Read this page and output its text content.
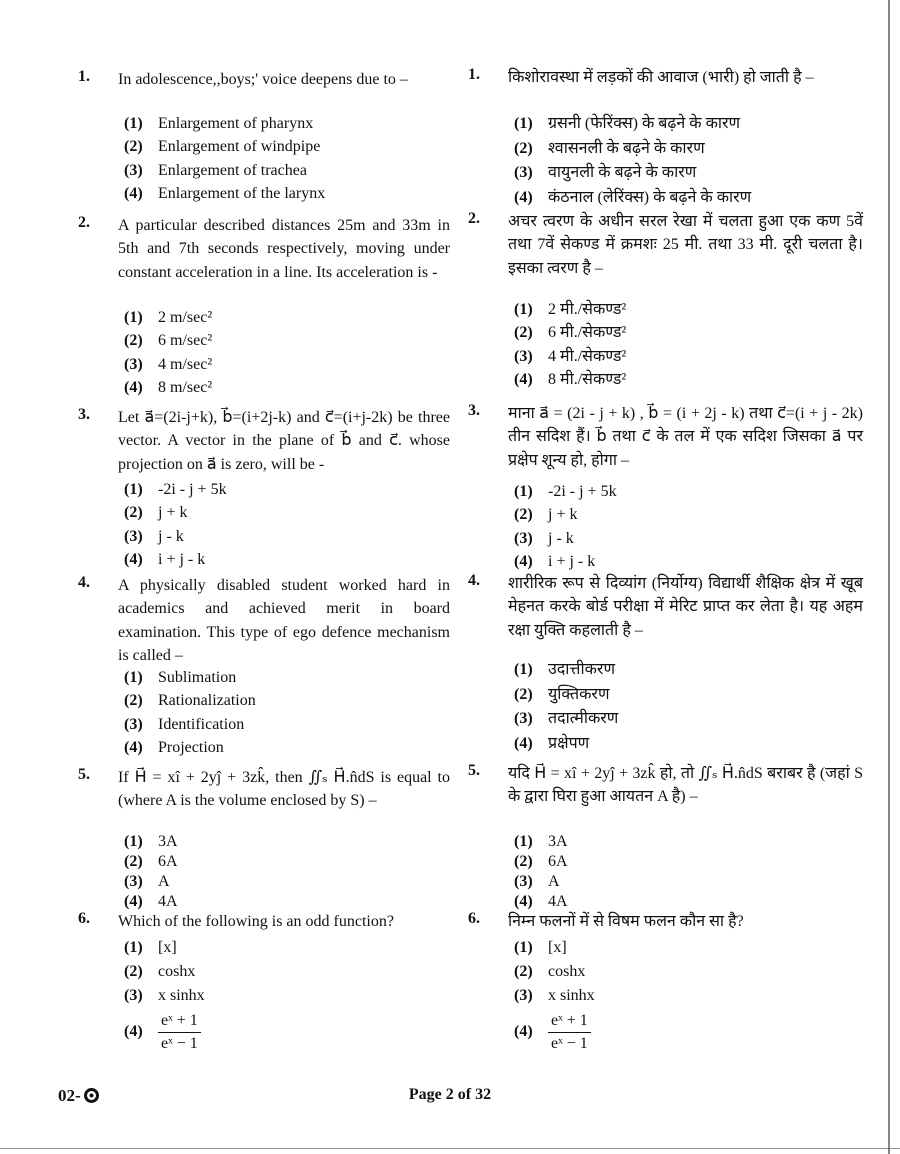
1. In adolescence,,boys;' voice deepens due to –
(1) Enlargement of pharynx
(2) Enlargement of windpipe
(3) Enlargement of trachea
(4) Enlargement of the larynx
2. A particular described distances 25m and 33m in 5th and 7th seconds respectively, moving under constant acceleration in a line. Its acceleration is -
(1) 2 m/sec²
(2) 6 m/sec²
(3) 4 m/sec²
(4) 8 m/sec²
3. Let a⃗=(2i-j+k), b⃗=(i+2j-k) and c⃗=(i+j-2k) be three vector. A vector in the plane of b⃗ and c⃗. whose projection on a⃗ is zero, will be -
(1) -2i - j + 5k
(2) j + k
(3) j - k
(4) i + j - k
4. A physically disabled student worked hard in academics and achieved merit in board examination. This type of ego defence mechanism is called –
(1) Sublimation
(2) Rationalization
(3) Identification
(4) Projection
5. If H⃗ = xî + 2yĵ + 3zk̂, then ∬ₛ H⃗.n̂dS is equal to (where A is the volume enclosed by S) –
(1) 3A
(2) 6A
(3) A
(4) 4A
6. Which of the following is an odd function?
(1) [x]
(2) coshx
(3) x sinhx
$(4) \frac{\text{eˣ + 1}}{\text{eˣ − 1}}$
1. किशोरावस्था में लड़कों की आवाज (भारी) हो जाती है –
(1) ग्रसनी (फेरिंक्स) के बढ़ने के कारण
(2) श्वासनली के बढ़ने के कारण
(3) वायुनली के बढ़ने के कारण
(4) कंठनाल (लेरिंक्स) के बढ़ने के कारण
2. अचर त्वरण के अधीन सरल रेखा में चलता हुआ एक कण 5वें तथा 7वें सेकण्ड में क्रमशः 25 मी. तथा 33 मी. दूरी चलता है। इसका त्वरण है –
(1) 2 मी./सेकण्ड²
(2) 6 मी./सेकण्ड²
(3) 4 मी./सेकण्ड²
(4) 8 मी./सेकण्ड²
3. माना a⃗ = (2i - j + k) , b⃗ = (i + 2j - k) तथा c⃗=(i + j - 2k) तीन सदिश हैं। b⃗ तथा c⃗ के तल में एक सदिश जिसका a⃗ पर प्रक्षेप शून्य हो, होगा –
(1) -2i - j + 5k
(2) j + k
(3) j - k
(4) i + j - k
4. शारीरिक रूप से दिव्यांग (निर्योग्य) विद्यार्थी शैक्षिक क्षेत्र में खूब मेहनत करके बोर्ड परीक्षा में मेरिट प्राप्त कर लेता है। यह अहम रक्षा युक्ति कहलाती है –
(1) उदात्तीकरण
(2) युक्तिकरण
(3) तदात्मीकरण
(4) प्रक्षेपण
5. यदि H⃗ = xî + 2yĵ + 3zk̂ हो, तो ∬ₛ H⃗.n̂dS बराबर है (जहां S के द्वारा घिरा हुआ आयतन A है) –
(1) 3A
(2) 6A
(3) A
(4) 4A
6. निम्न फलनों में से विषम फलन कौन सा है?
(1) [x]
(2) coshx
(3) x sinhx
$(4) \frac{\text{eˣ + 1}}{\text{eˣ − 1}}$
02-	Page 2 of 32
